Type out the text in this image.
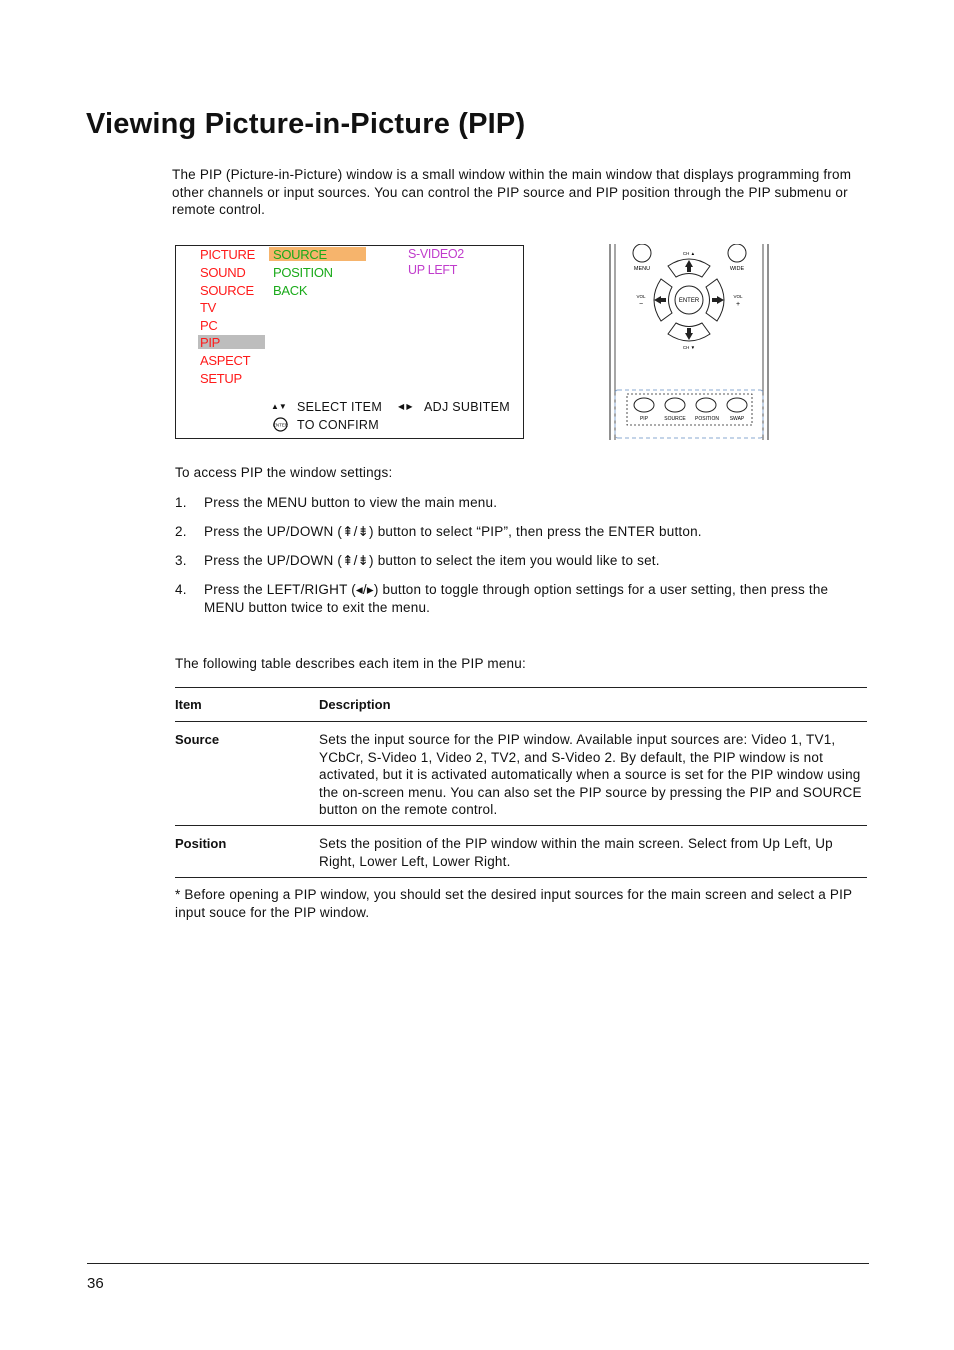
Viewing Picture-in-Picture (PIP)
The PIP (Picture-in-Picture) window is a small window within the main window that displays programming from other channels or input sources. You can control the PIP source and PIP position through the PIP submenu or remote control.
PICTURE
SOUND
SOURCE
TV
PC
PIP
ASPECT
SETUP
SOURCE
POSITION
BACK
S-VIDEO2
UP LEFT
▲▼ SELECT ITEM ◀ ▶ ADJ SUBITEM
ENTER TO CONFIRM
MENU	WIDE
CH ▲
CH ▼
ENTER
VOL
−
VOL
+
PIP	SOURCE POSITION SWAP
To access PIP the window settings:
1. Press the MENU button to view the main menu.
2. Press the UP/DOWN (⇞/⇟) button to select “PIP”, then press the ENTER button.
3. Press the UP/DOWN (⇞/⇟) button to select the item you would like to set.
4. Press the LEFT/RIGHT (◂/▸) button to toggle through option settings for a user setting, then press the MENU button twice to exit the menu.
The following table describes each item in the PIP menu:
Item	Description
Source	Sets the input source for the PIP window. Available input sources are: Video 1, TV1, YCbCr, S-Video 1, Video 2, TV2, and S-Video 2. By default, the PIP window is not activated, but it is activated automatically when a source is set for the PIP window using the on-screen menu. You can also set the PIP source by pressing the PIP and SOURCE button on the remote control.
Position	Sets the position of the PIP window within the main screen. Select from Up Left, Up Right, Lower Left, Lower Right.
* Before opening a PIP window, you should set the desired input sources for the main screen and select a PIP input souce for the PIP window.
36
